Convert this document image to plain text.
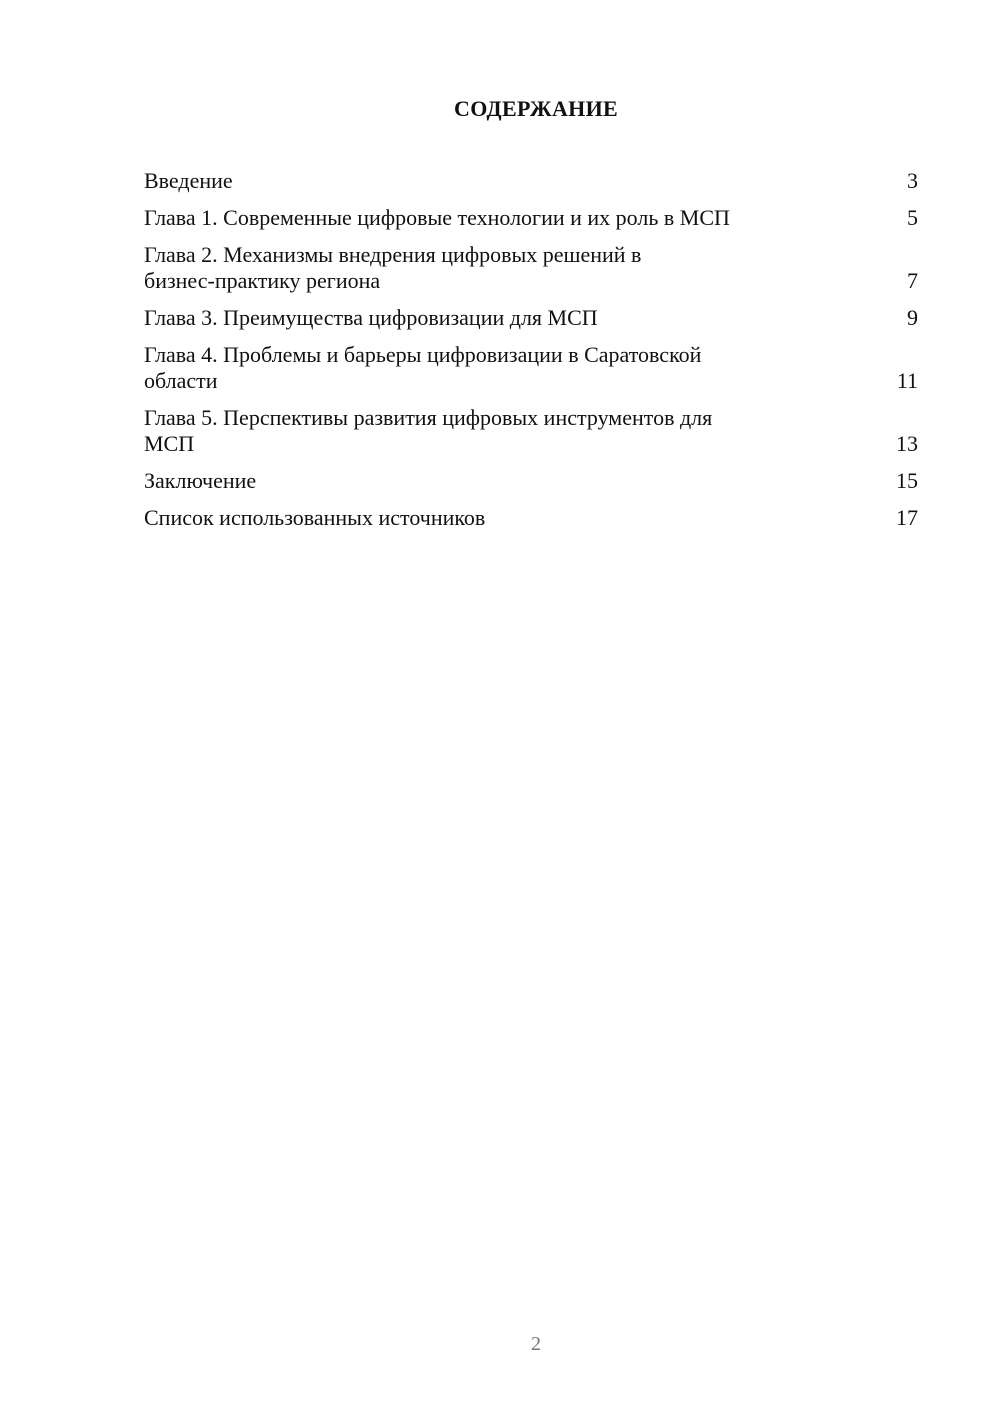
СОДЕРЖАНИЕ
Введение	3
Глава 1. Современные цифровые технологии и их роль в МСП	5
Глава 2. Механизмы внедрения цифровых решений в
бизнес-практику региона	7
Глава 3. Преимущества цифровизации для МСП	9
Глава 4. Проблемы и барьеры цифровизации в Саратовской
области	11
Глава 5. Перспективы развития цифровых инструментов для
МСП	13
Заключение	15
Список использованных источников	17
2
